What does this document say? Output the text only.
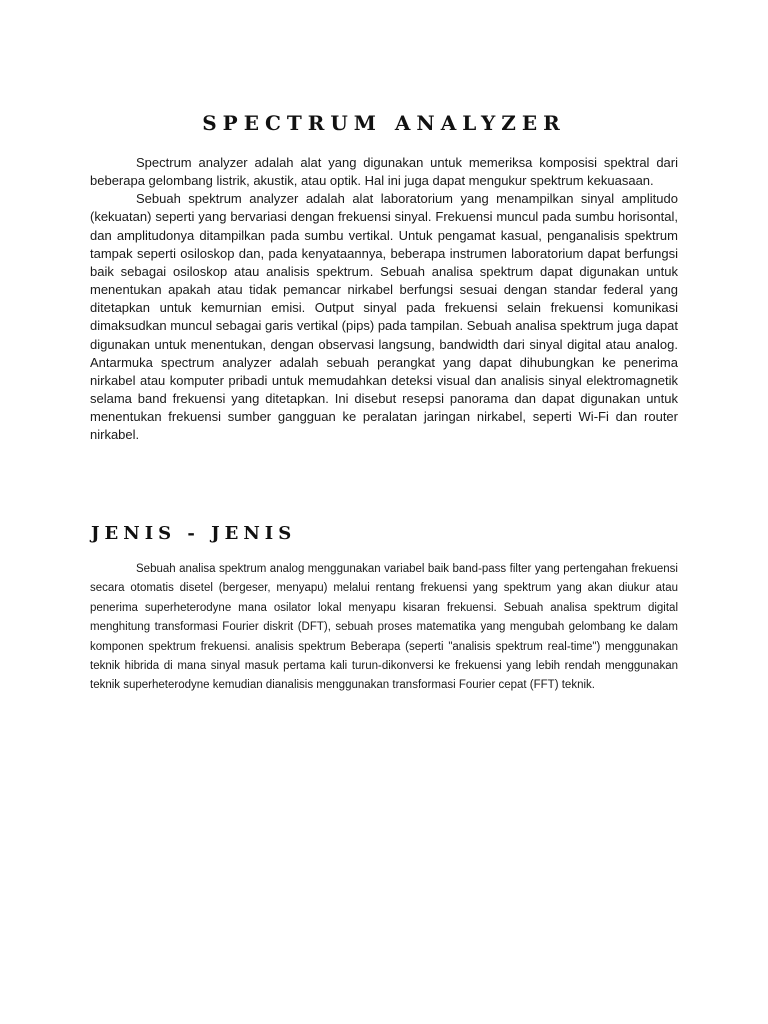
SPECTRUM ANALYZER

Spectrum analyzer adalah alat yang digunakan untuk memeriksa komposisi spektral dari beberapa gelombang listrik, akustik, atau optik. Hal ini juga dapat mengukur spektrum kekuasaan.

Sebuah spektrum analyzer adalah alat laboratorium yang menampilkan sinyal amplitudo (kekuatan) seperti yang bervariasi dengan frekuensi sinyal. Frekuensi muncul pada sumbu horisontal, dan amplitudonya ditampilkan pada sumbu vertikal. Untuk pengamat kasual, penganalisis spektrum tampak seperti osiloskop dan, pada kenyataannya, beberapa instrumen laboratorium dapat berfungsi baik sebagai osiloskop atau analisis spektrum. Sebuah analisa spektrum dapat digunakan untuk menentukan apakah atau tidak pemancar nirkabel berfungsi sesuai dengan standar federal yang ditetapkan untuk kemurnian emisi. Output sinyal pada frekuensi selain frekuensi komunikasi dimaksudkan muncul sebagai garis vertikal (pips) pada tampilan. Sebuah analisa spektrum juga dapat digunakan untuk menentukan, dengan observasi langsung, bandwidth dari sinyal digital atau analog. Antarmuka spectrum analyzer adalah sebuah perangkat yang dapat dihubungkan ke penerima nirkabel atau komputer pribadi untuk memudahkan deteksi visual dan analisis sinyal elektromagnetik selama band frekuensi yang ditetapkan. Ini disebut resepsi panorama dan dapat digunakan untuk menentukan frekuensi sumber gangguan ke peralatan jaringan nirkabel, seperti Wi-Fi dan router nirkabel.

JENIS - JENIS

Sebuah analisa spektrum analog menggunakan variabel baik band-pass filter yang pertengahan frekuensi secara otomatis disetel (bergeser, menyapu) melalui rentang frekuensi yang spektrum yang akan diukur atau penerima superheterodyne mana osilator lokal menyapu kisaran frekuensi. Sebuah analisa spektrum digital menghitung transformasi Fourier diskrit (DFT), sebuah proses matematika yang mengubah gelombang ke dalam komponen spektrum frekuensi. analisis spektrum Beberapa (seperti "analisis spektrum real-time") menggunakan teknik hibrida di mana sinyal masuk pertama kali turun-dikonversi ke frekuensi yang lebih rendah menggunakan teknik superheterodyne kemudian dianalisis menggunakan transformasi Fourier cepat (FFT) teknik.
